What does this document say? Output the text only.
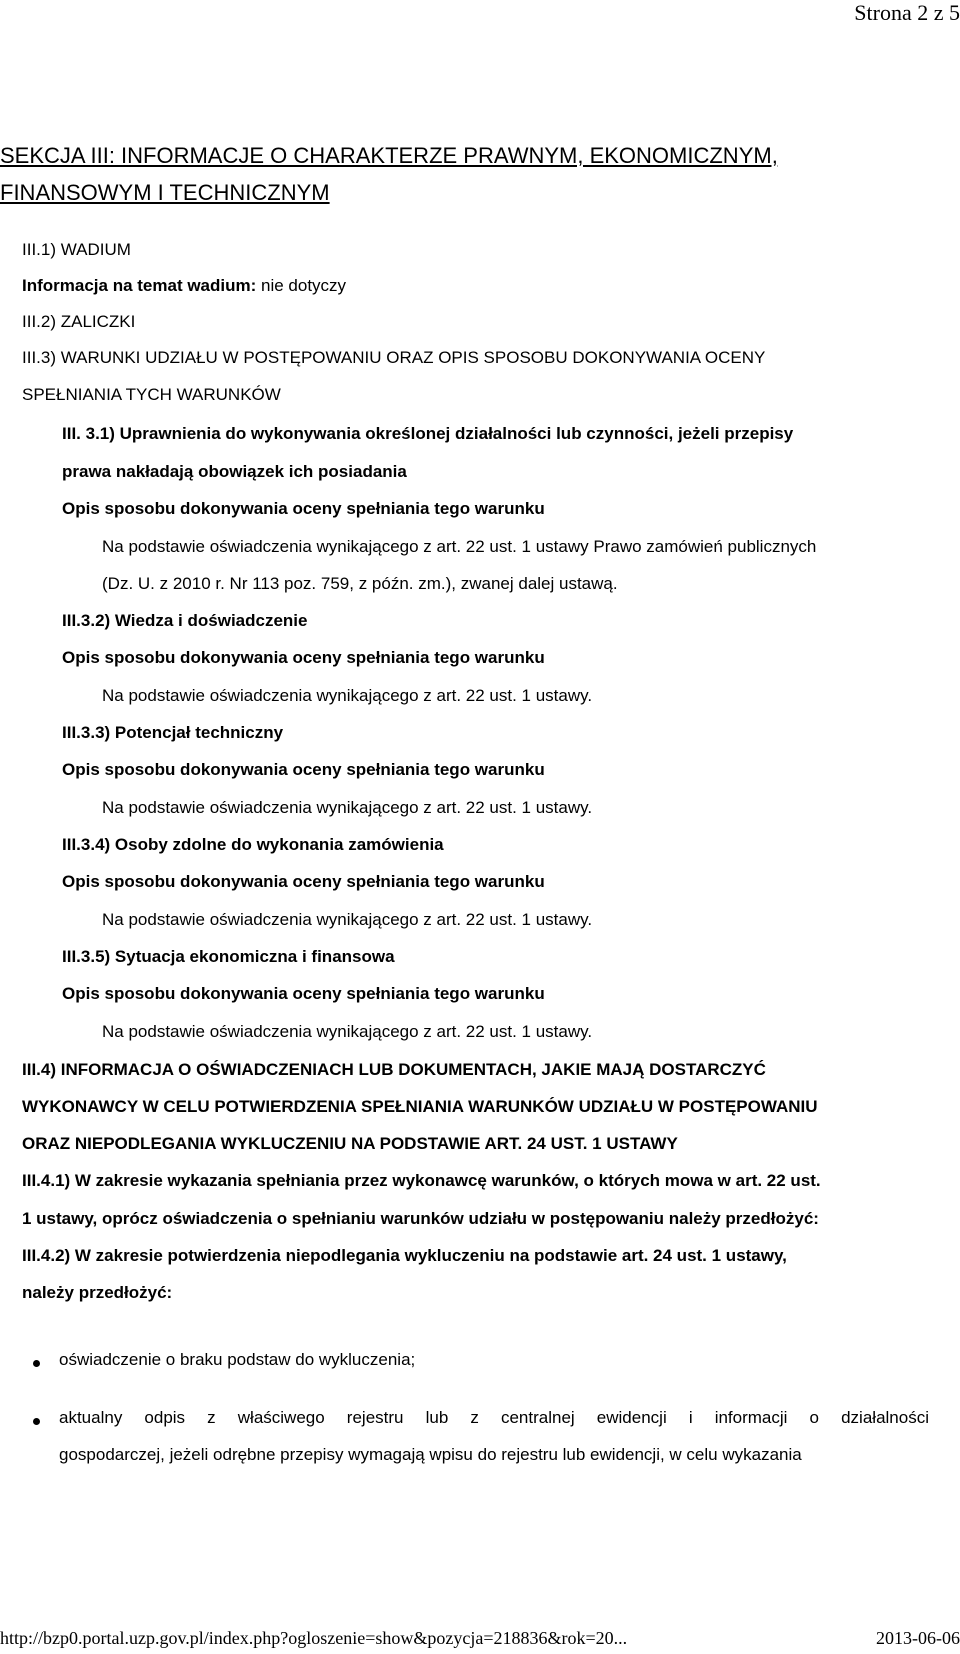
Strona 2 z 5
SEKCJA III: INFORMACJE O CHARAKTERZE PRAWNYM, EKONOMICZNYM,
FINANSOWYM I TECHNICZNYM
III.1) WADIUM
Informacja na temat wadium: nie dotyczy
III.2) ZALICZKI
III.3) WARUNKI UDZIAŁU W POSTĘPOWANIU ORAZ OPIS SPOSOBU DOKONYWANIA OCENY
SPEŁNIANIA TYCH WARUNKÓW
III. 3.1) Uprawnienia do wykonywania określonej działalności lub czynności, jeżeli przepisy
prawa nakładają obowiązek ich posiadania
Opis sposobu dokonywania oceny spełniania tego warunku
Na podstawie oświadczenia wynikającego z art. 22 ust. 1 ustawy Prawo zamówień publicznych
(Dz. U. z 2010 r. Nr 113 poz. 759, z późn. zm.), zwanej dalej ustawą.
III.3.2) Wiedza i doświadczenie
Opis sposobu dokonywania oceny spełniania tego warunku
Na podstawie oświadczenia wynikającego z art. 22 ust. 1 ustawy.
III.3.3) Potencjał techniczny
Opis sposobu dokonywania oceny spełniania tego warunku
Na podstawie oświadczenia wynikającego z art. 22 ust. 1 ustawy.
III.3.4) Osoby zdolne do wykonania zamówienia
Opis sposobu dokonywania oceny spełniania tego warunku
Na podstawie oświadczenia wynikającego z art. 22 ust. 1 ustawy.
III.3.5) Sytuacja ekonomiczna i finansowa
Opis sposobu dokonywania oceny spełniania tego warunku
Na podstawie oświadczenia wynikającego z art. 22 ust. 1 ustawy.
III.4) INFORMACJA O OŚWIADCZENIACH LUB DOKUMENTACH, JAKIE MAJĄ DOSTARCZYĆ
WYKONAWCY W CELU POTWIERDZENIA SPEŁNIANIA WARUNKÓW UDZIAŁU W POSTĘPOWANIU
ORAZ NIEPODLEGANIA WYKLUCZENIU NA PODSTAWIE ART. 24 UST. 1 USTAWY
III.4.1) W zakresie wykazania spełniania przez wykonawcę warunków, o których mowa w art. 22 ust.
1 ustawy, oprócz oświadczenia o spełnianiu warunków udziału w postępowaniu należy przedłożyć:
III.4.2) W zakresie potwierdzenia niepodlegania wykluczeniu na podstawie art. 24 ust. 1 ustawy,
należy przedłożyć:
oświadczenie o braku podstaw do wykluczenia;
aktualny odpis z właściwego rejestru lub z centralnej ewidencji i informacji o działalności
gospodarczej, jeżeli odrębne przepisy wymagają wpisu do rejestru lub ewidencji, w celu wykazania
http://bzp0.portal.uzp.gov.pl/index.php?ogloszenie=show&pozycja=218836&rok=20...	2013-06-06
